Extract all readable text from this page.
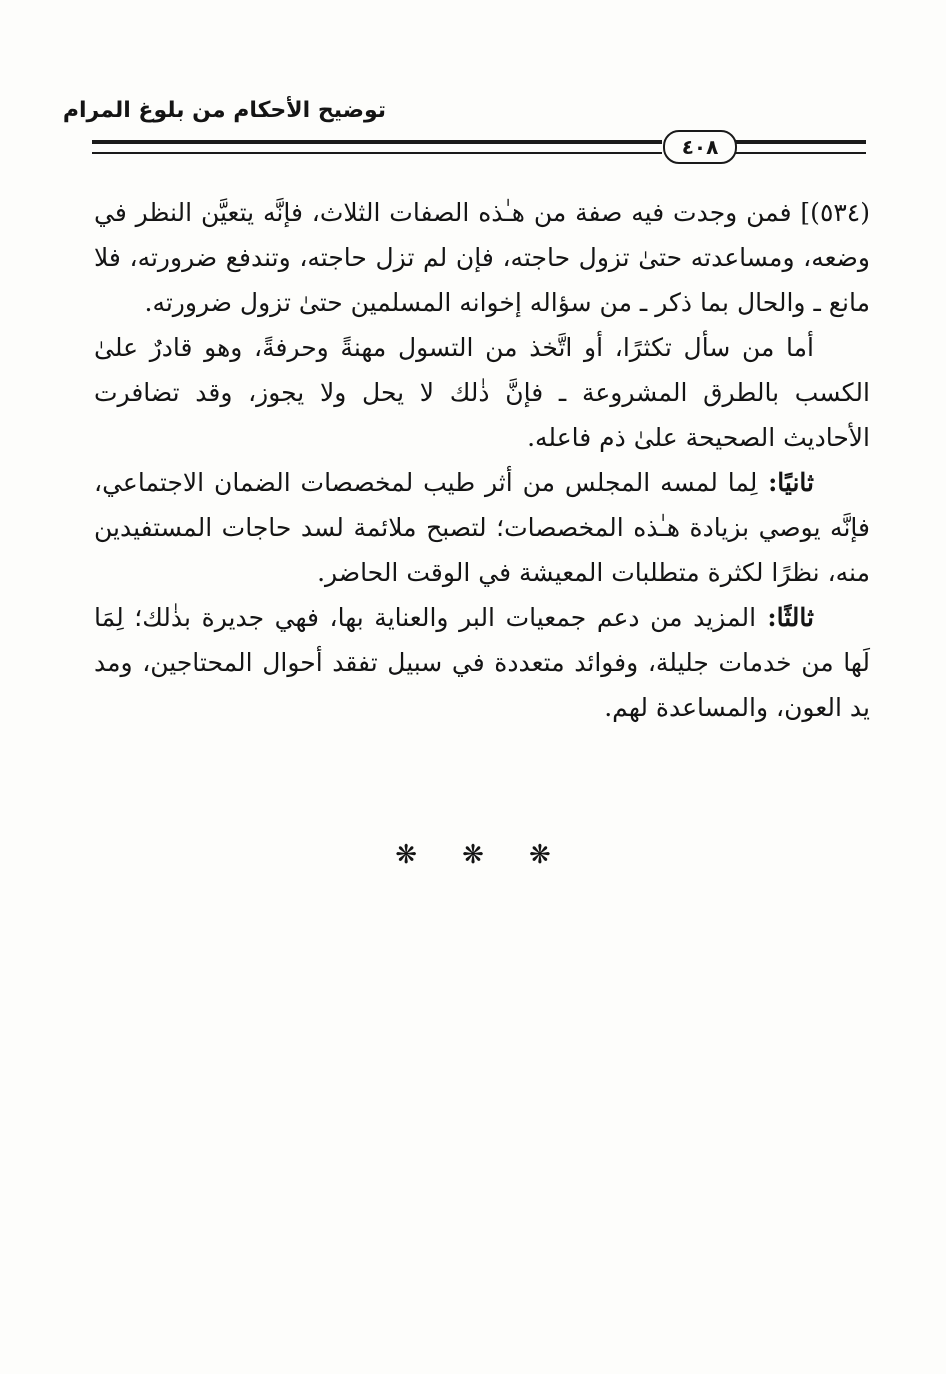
توضيح الأحكام من بلوغ المرام
٤٠٨

(٥٣٤)] فمن وجدت فيه صفة من هـٰذه الصفات الثلاث، فإنَّه يتعيَّن النظر في وضعه، ومساعدته حتىٰ تزول حاجته، فإن لم تزل حاجته، وتندفع ضرورته، فلا مانع ـ والحال بما ذكر ـ من سؤاله إخوانه المسلمين حتىٰ تزول ضرورته.

أما من سأل تكثرًا، أو اتَّخذ من التسول مهنةً وحرفةً، وهو قادرٌ علىٰ الكسب بالطرق المشروعة ـ فإنَّ ذٰلك لا يحل ولا يجوز، وقد تضافرت الأحاديث الصحيحة علىٰ ذم فاعله.

ثانيًا: لِما لمسه المجلس من أثر طيب لمخصصات الضمان الاجتماعي، فإنَّه يوصي بزيادة هـٰذه المخصصات؛ لتصبح ملائمة لسد حاجات المستفيدين منه، نظرًا لكثرة متطلبات المعيشة في الوقت الحاضر.

ثالثًا: المزيد من دعم جمعيات البر والعناية بها، فهي جديرة بذٰلك؛ لِمَا لَها من خدمات جليلة، وفوائد متعددة في سبيل تفقد أحوال المحتاجين، ومد يد العون، والمساعدة لهم.

❋ ❋ ❋
